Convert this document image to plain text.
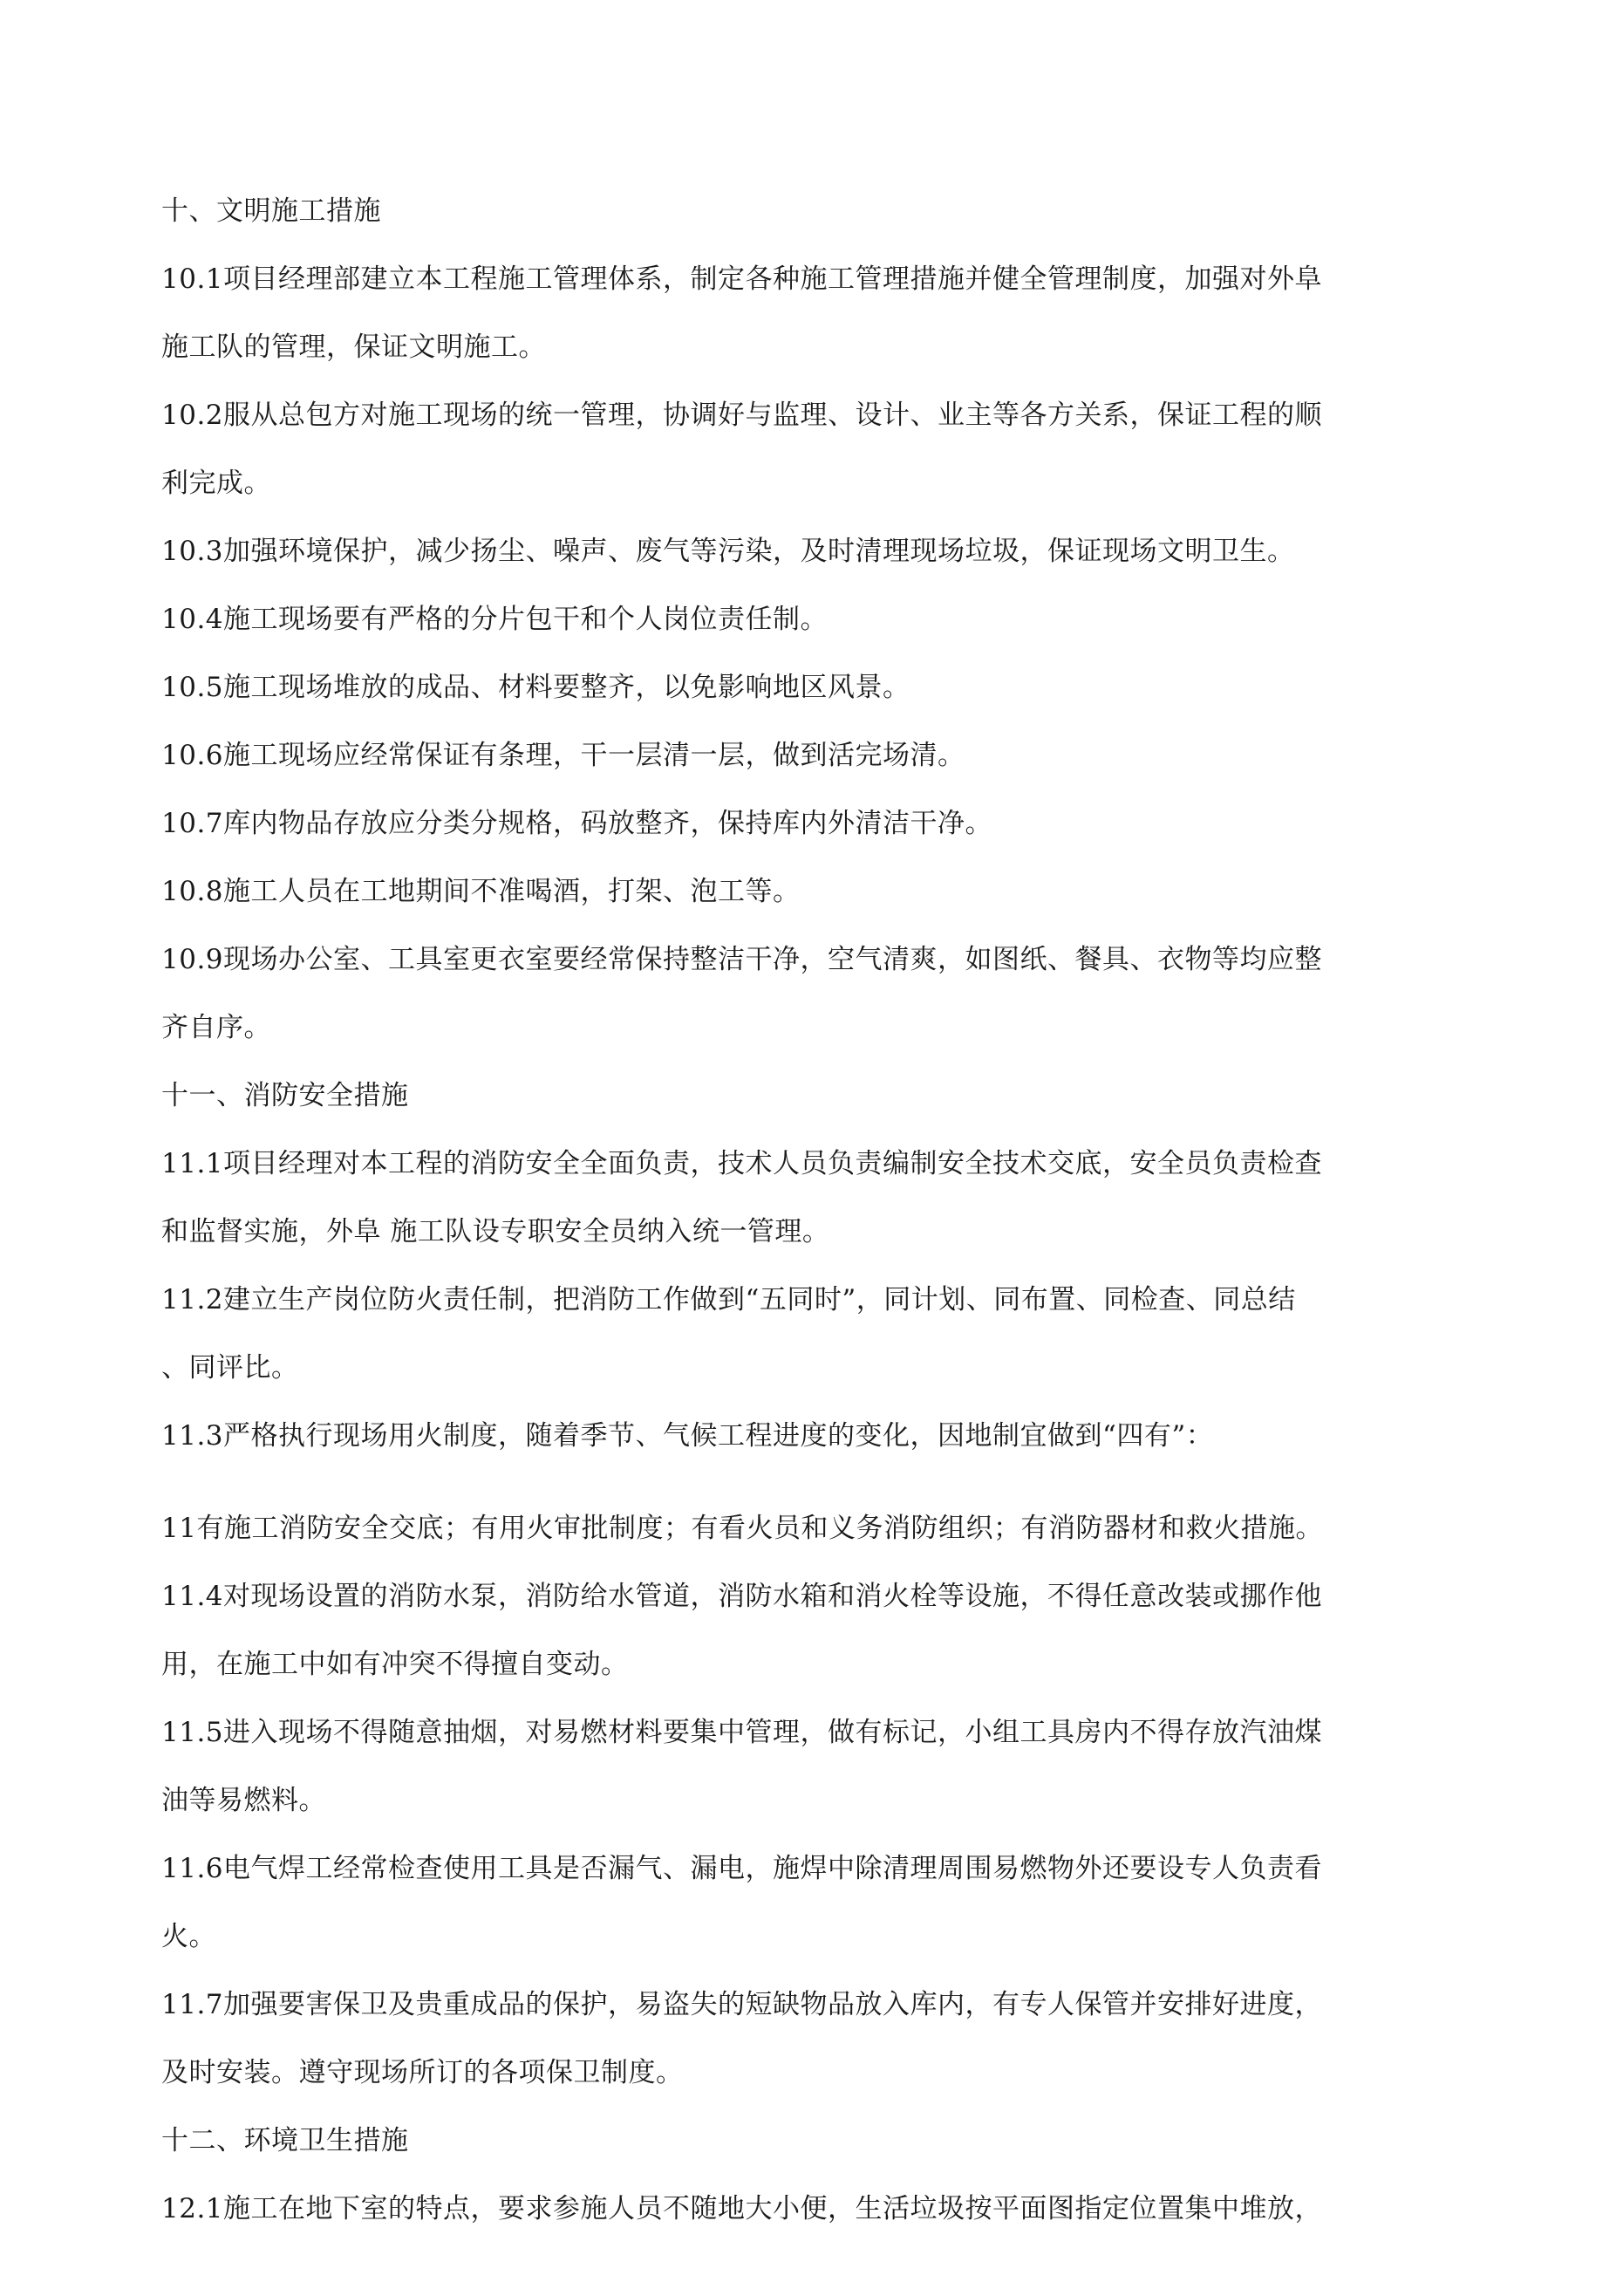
十、文明施工措施
10.1项目经理部建立本工程施工管理体系，制定各种施工管理措施并健全管理制度，加强对外阜
施工队的管理，保证文明施工。
10.2服从总包方对施工现场的统一管理，协调好与监理、设计、业主等各方关系，保证工程的顺
利完成。
10.3加强环境保护，减少扬尘、噪声、废气等污染，及时清理现场垃圾，保证现场文明卫生。
10.4施工现场要有严格的分片包干和个人岗位责任制。
10.5施工现场堆放的成品、材料要整齐，以免影响地区风景。
10.6施工现场应经常保证有条理，干一层清一层，做到活完场清。
10.7库内物品存放应分类分规格，码放整齐，保持库内外清洁干净。
10.8施工人员在工地期间不准喝酒，打架、泡工等。
10.9现场办公室、工具室更衣室要经常保持整洁干净，空气清爽，如图纸、餐具、衣物等均应整
齐自序。
十一、消防安全措施
11.1项目经理对本工程的消防安全全面负责，技术人员负责编制安全技术交底，安全员负责检查
和监督实施，外阜 施工队设专职安全员纳入统一管理。
11.2建立生产岗位防火责任制，把消防工作做到“五同时”，同计划、同布置、同检查、同总结
、同评比。
11.3严格执行现场用火制度，随着季节、气候工程进度的变化，因地制宜做到“四有”：
11有施工消防安全交底；有用火审批制度；有看火员和义务消防组织；有消防器材和救火措施。
11.4对现场设置的消防水泵，消防给水管道，消防水箱和消火栓等设施，不得任意改装或挪作他
用，在施工中如有冲突不得擅自变动。
11.5进入现场不得随意抽烟，对易燃材料要集中管理，做有标记，小组工具房内不得存放汽油煤
油等易燃料。
11.6电气焊工经常检查使用工具是否漏气、漏电，施焊中除清理周围易燃物外还要设专人负责看
火。
11.7加强要害保卫及贵重成品的保护，易盗失的短缺物品放入库内，有专人保管并安排好进度，
及时安装。遵守现场所订的各项保卫制度。
十二、环境卫生措施
12.1施工在地下室的特点，要求参施人员不随地大小便，生活垃圾按平面图指定位置集中堆放，
